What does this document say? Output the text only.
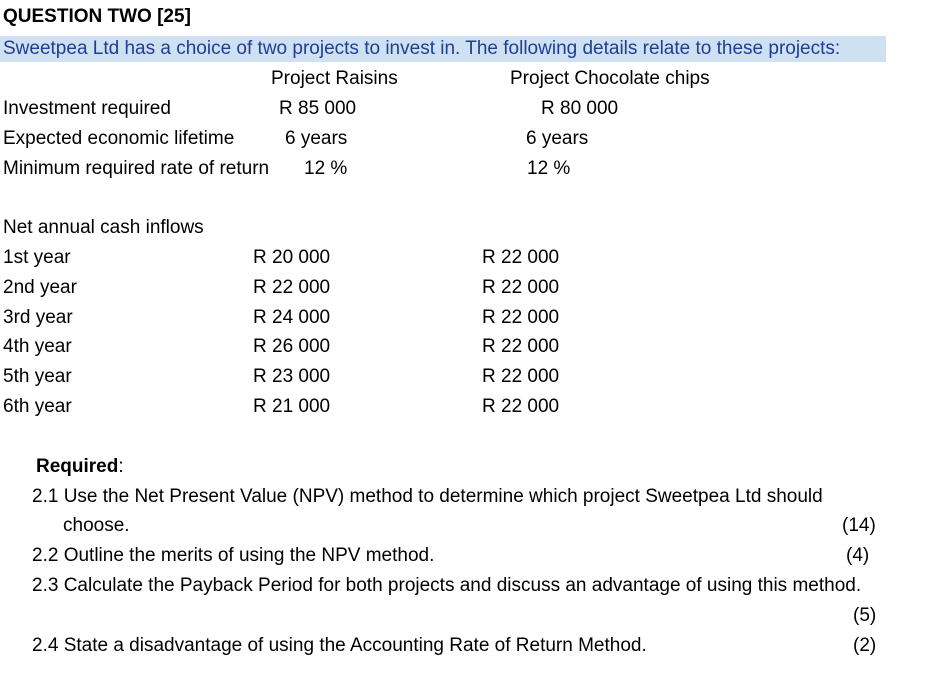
QUESTION TWO [25]
Sweetpea Ltd has a choice of two projects to invest in. The following details relate to these projects:
Project Raisins	Project Chocolate chips
Investment required	R 85 000	R 80 000
Expected economic lifetime	6 years	6 years
Minimum required rate of return 12 %	12 %
Net annual cash inflows
1st year	R 20 000	R 22 000
2nd year	R 22 000	R 22 000
3rd year	R 24 000	R 22 000
4th year	R 26 000	R 22 000
5th year	R 23 000	R 22 000
6th year	R 21 000	R 22 000
Required:
2.1 Use the Net Present Value (NPV) method to determine which project Sweetpea Ltd should
choose.	(14)
2.2 Outline the merits of using the NPV method.	(4)
2.3 Calculate the Payback Period for both projects and discuss an advantage of using this method.
(5)
2.4 State a disadvantage of using the Accounting Rate of Return Method.	(2)
